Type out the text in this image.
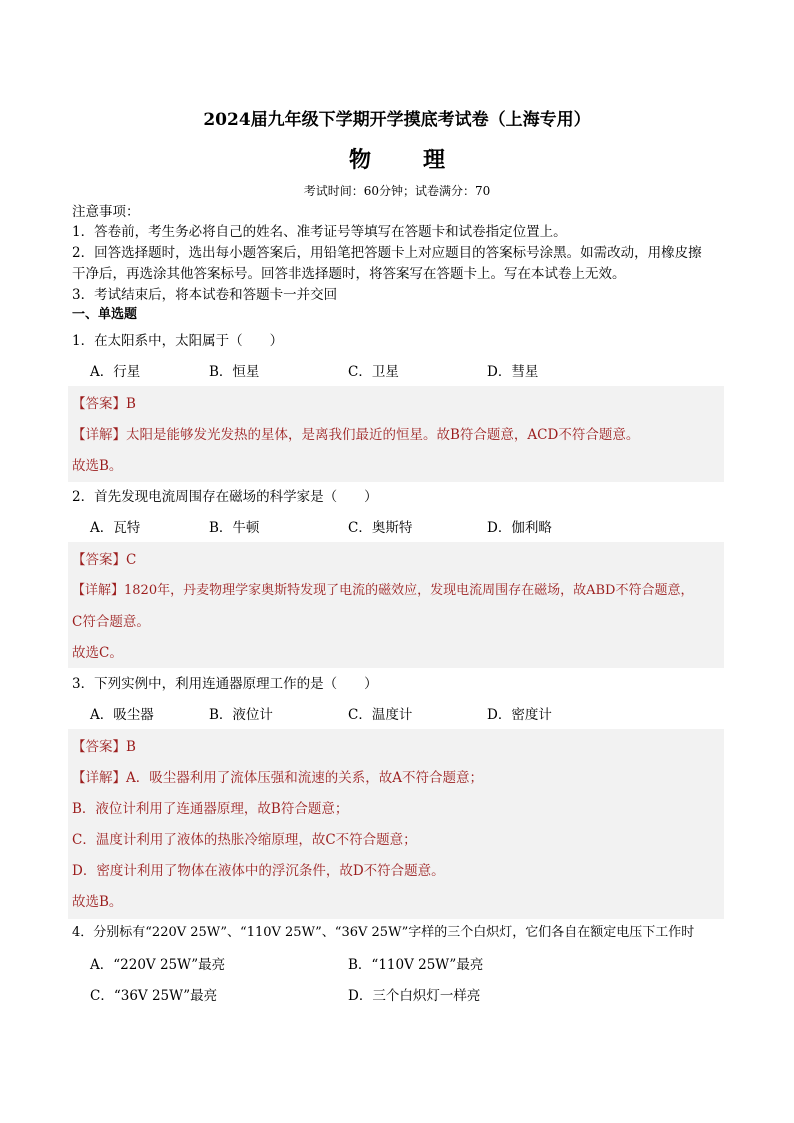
2024届九年级下学期开学摸底考试卷（上海专用）
物 理
考试时间：60分钟；试卷满分：70
注意事项：
1．答卷前，考生务必将自己的姓名、准考证号等填写在答题卡和试卷指定位置上。
2．回答选择题时，选出每小题答案后，用铅笔把答题卡上对应题目的答案标号涂黑。如需改动，用橡皮擦
干净后，再选涂其他答案标号。回答非选择题时，将答案写在答题卡上。写在本试卷上无效。
3．考试结束后，将本试卷和答题卡一并交回
一、单选题
1．在太阳系中，太阳属于（　　）
A．行星	B．恒星	C．卫星	D．彗星
【答案】B
【详解】太阳是能够发光发热的星体，是离我们最近的恒星。故B符合题意，ACD不符合题意。
故选B。
2．首先发现电流周围存在磁场的科学家是（　　）
A．瓦特	B．牛顿	C．奥斯特	D．伽利略
【答案】C
【详解】1820年，丹麦物理学家奥斯特发现了电流的磁效应，发现电流周围存在磁场，故ABD不符合题意，
C符合题意。
故选C。
3．下列实例中，利用连通器原理工作的是（　　）
A．吸尘器	B．液位计	C．温度计	D．密度计
【答案】B
【详解】A．吸尘器利用了流体压强和流速的关系，故A不符合题意；
B．液位计利用了连通器原理，故B符合题意；
C．温度计利用了液体的热胀冷缩原理，故C不符合题意；
D．密度计利用了物体在液体中的浮沉条件，故D不符合题意。
故选B。
4．分别标有“220V 25W”、“110V 25W”、“36V 25W”字样的三个白炽灯，它们各自在额定电压下工作时
A．“220V 25W”最亮	B．“110V 25W”最亮
C．“36V 25W”最亮	D．三个白炽灯一样亮
